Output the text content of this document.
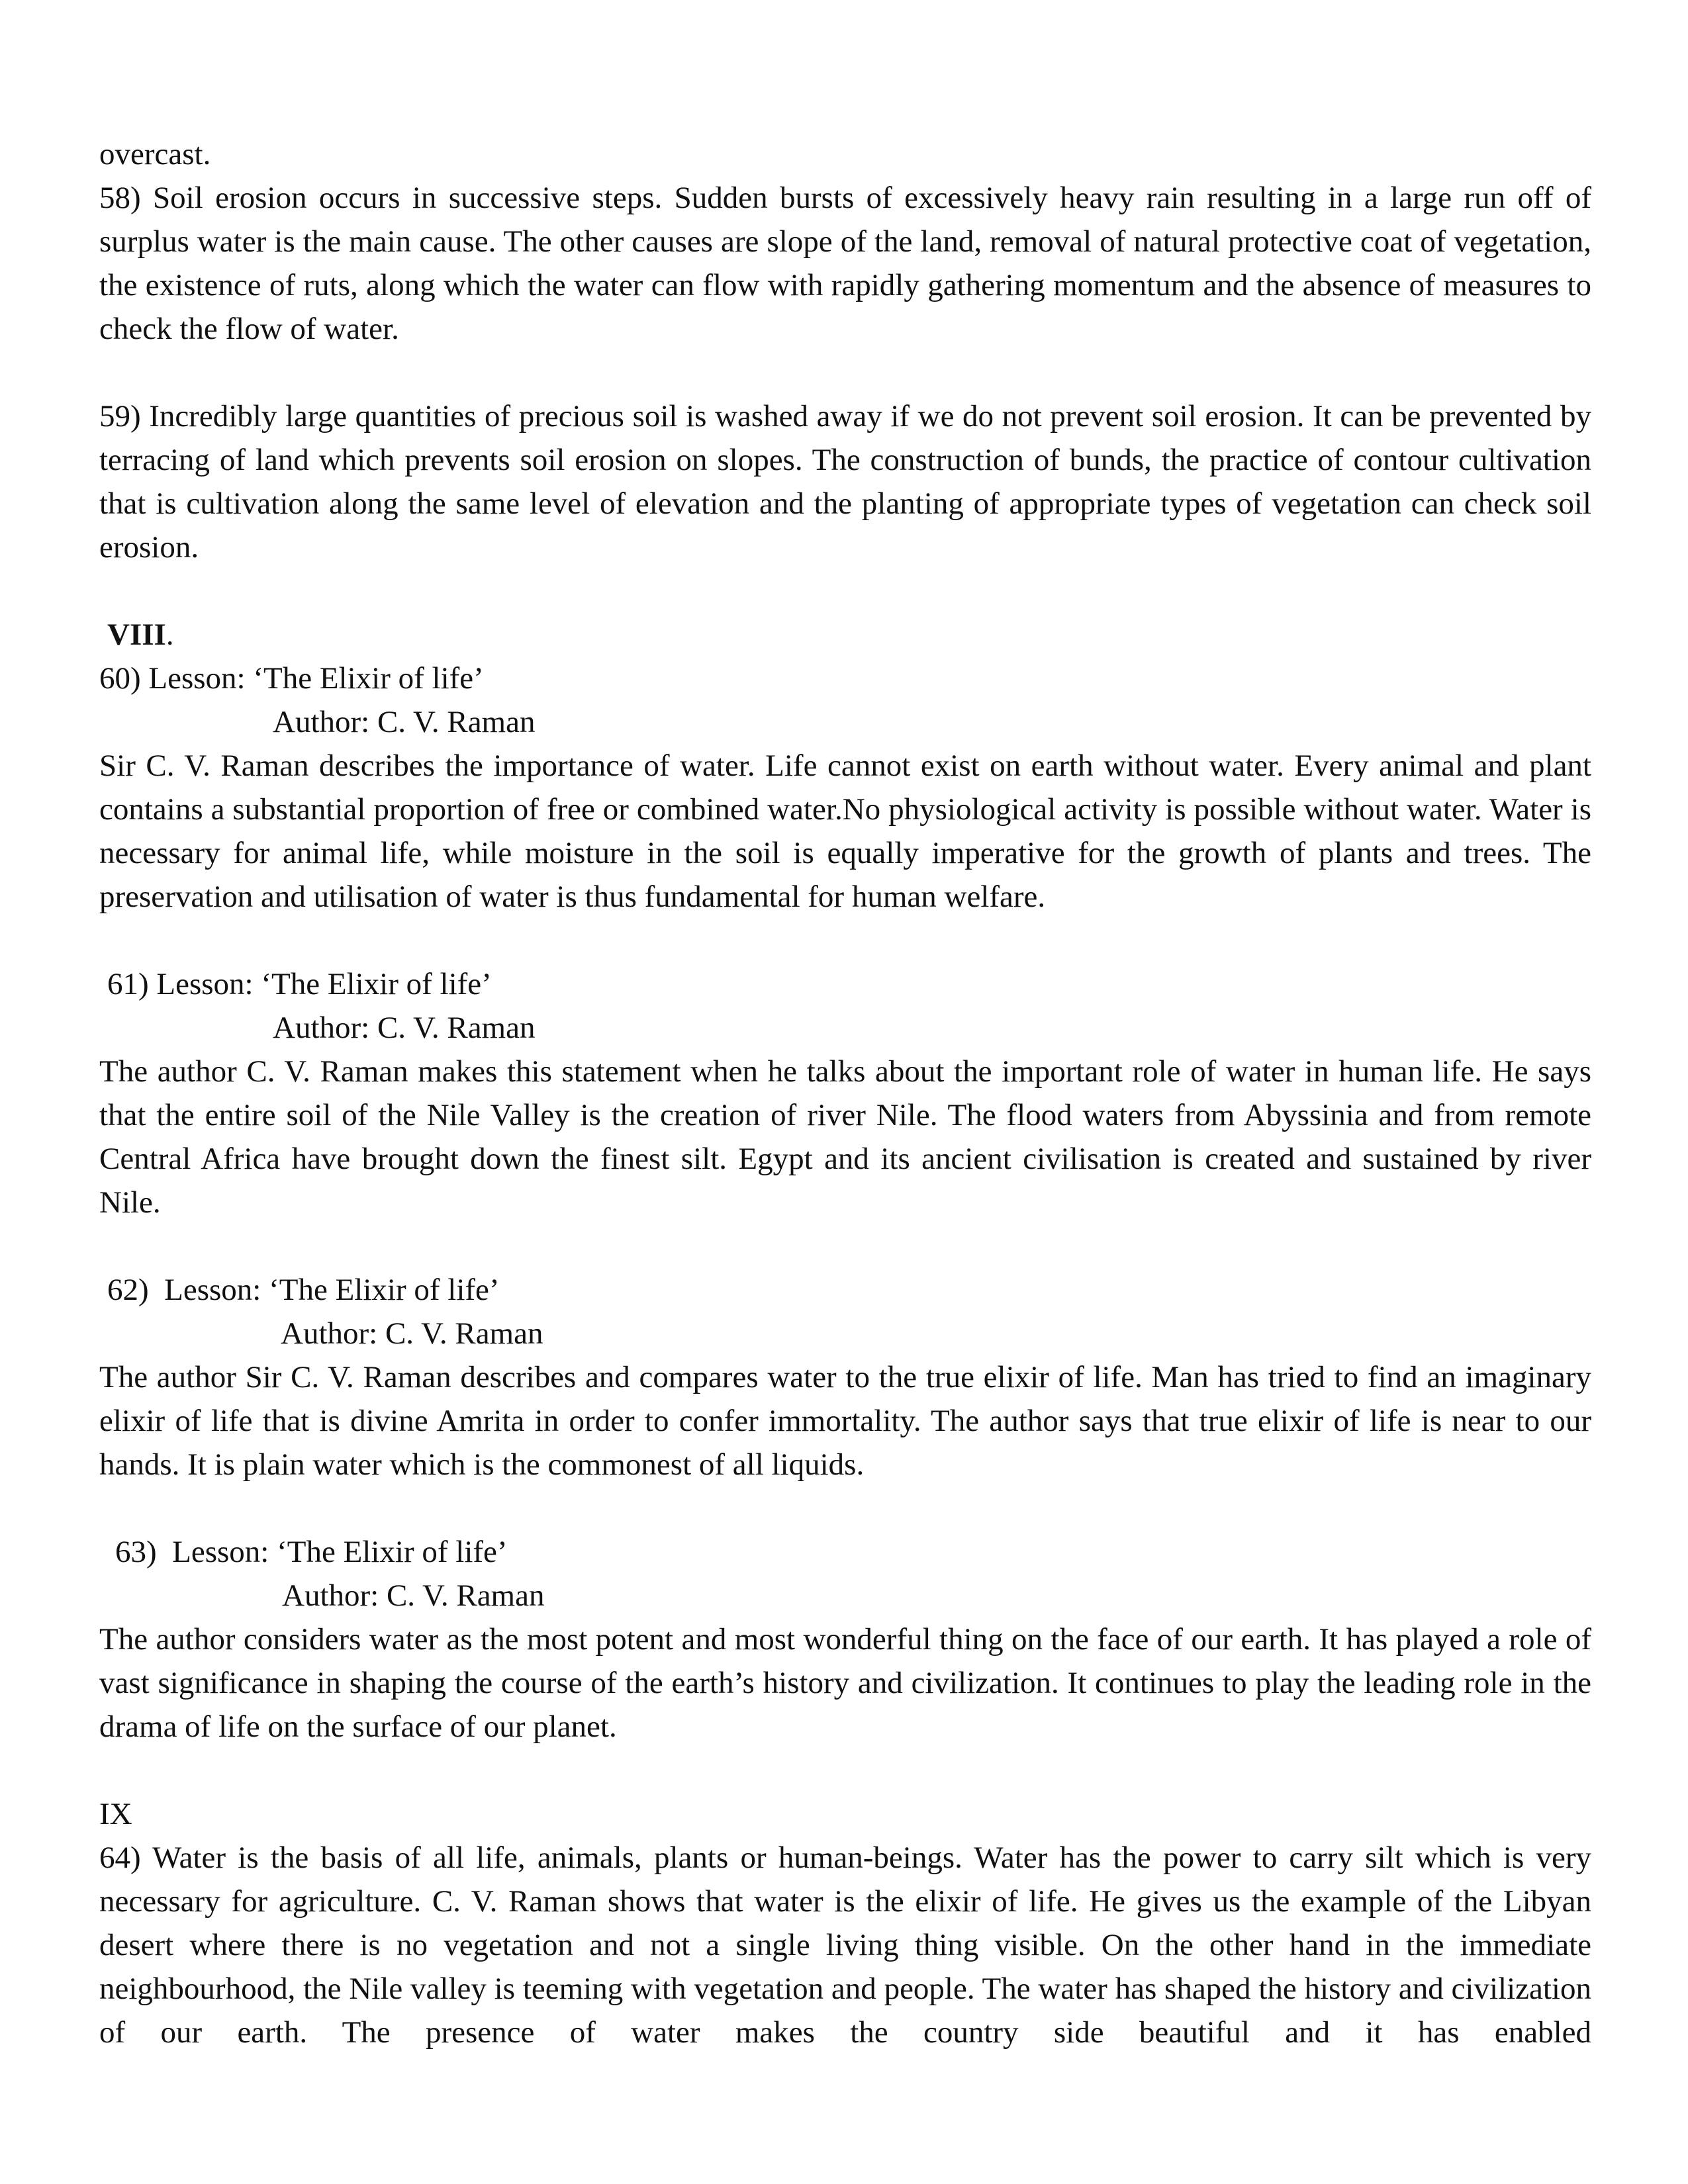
overcast.

58) Soil erosion occurs in successive steps. Sudden bursts of excessively heavy rain resulting in a large run off of surplus water is the main cause. The other causes are slope of the land, removal of natural protective coat of vegetation, the existence of ruts, along which the water can flow with rapidly gathering momentum and the absence of measures to check the flow of water.

59) Incredibly large quantities of precious soil is washed away if we do not prevent soil erosion. It can be prevented by terracing of land which prevents soil erosion on slopes. The construction of bunds, the practice of contour cultivation that is cultivation along the same level of elevation and the planting of appropriate types of vegetation can check soil erosion.

VIII.

60) Lesson: ‘The Elixir of life’

Author: C. V. Raman

Sir C. V. Raman describes the importance of water. Life cannot exist on earth without water. Every animal and plant contains a substantial proportion of free or combined water.No physiological activity is possible without water. Water is necessary for animal life, while moisture in the soil is equally imperative for the growth of plants and trees. The preservation and utilisation of water is thus fundamental for human welfare.

61) Lesson: ‘The Elixir of life’

Author: C. V. Raman

The author C. V. Raman makes this statement when he talks about the important role of water in human life. He says that the entire soil of the Nile Valley is the creation of river Nile. The flood waters from Abyssinia and from remote Central Africa have brought down the finest silt. Egypt and its ancient civilisation is created and sustained by river Nile.

62)  Lesson: ‘The Elixir of life’

Author: C. V. Raman

The author Sir C. V. Raman describes and compares water to the true elixir of life. Man has tried to find an imaginary elixir of life that is divine Amrita in order to confer immortality. The author says that true elixir of life is near to our hands. It is plain water which is the commonest of all liquids.

63)  Lesson: ‘The Elixir of life’

Author: C. V. Raman

The author considers water as the most potent and most wonderful thing on the face of our earth. It has played a role of vast significance in shaping the course of the earth’s history and civilization. It continues to play the leading role in the drama of life on the surface of our planet.

IX

64) Water is the basis of all life, animals, plants or human-beings. Water has the power to carry silt which is very necessary for agriculture. C. V. Raman shows that water is the elixir of life. He gives us the example of the Libyan desert where there is no vegetation and not a single living thing visible. On the other hand in the immediate neighbourhood, the Nile valley is teeming with vegetation and people. The water has shaped the history and civilization of our earth. The presence of water makes the country side beautiful and it has enabled
